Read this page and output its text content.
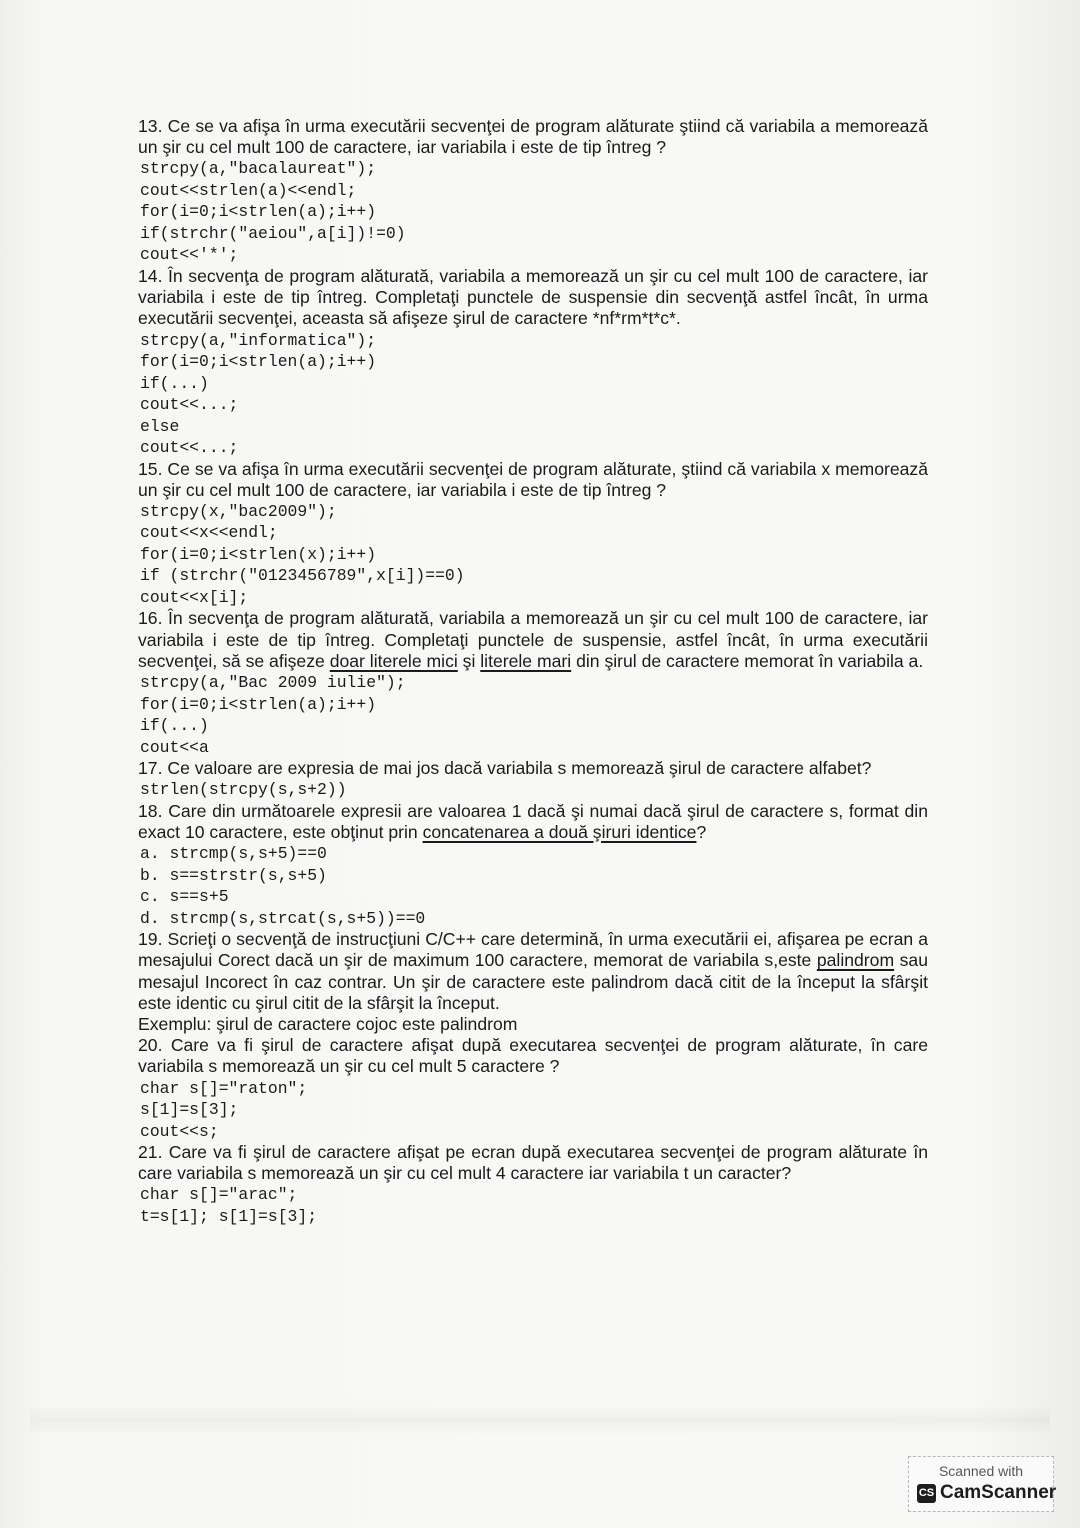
13. Ce se va afişa în urma executării secvenţei de program alăturate ştiind că variabila a memorează un şir cu cel mult 100 de caractere, iar variabila i este de tip întreg ?

strcpy(a,"bacalaureat");
cout<<strlen(a)<<endl;
for(i=0;i<strlen(a);i++)
if(strchr("aeiou",a[i])!=0)
cout<<'*';

14. În secvenţa de program alăturată, variabila a memorează un şir cu cel mult 100 de caractere, iar variabila i este de tip întreg. Completaţi punctele de suspensie din secvenţă astfel încât, în urma executării secvenţei, aceasta să afişeze şirul de caractere *nf*rm*t*c*.

strcpy(a,"informatica");
for(i=0;i<strlen(a);i++)
if(...)
cout<<...;
else
cout<<...;

15. Ce se va afişa în urma executării secvenţei de program alăturate, ştiind că variabila x memorează un şir cu cel mult 100 de caractere, iar variabila i este de tip întreg ?

strcpy(x,"bac2009");
cout<<x<<endl;
for(i=0;i<strlen(x);i++)
if (strchr("0123456789",x[i])==0)
cout<<x[i];

16. În secvenţa de program alăturată, variabila a memorează un şir cu cel mult 100 de caractere, iar variabila i este de tip întreg. Completaţi punctele de suspensie, astfel încât, în urma executării secvenţei, să se afişeze doar literele mici şi literele mari din şirul de caractere memorat în variabila a.

strcpy(a,"Bac 2009 iulie");
for(i=0;i<strlen(a);i++)
if(...)
cout<<a

17. Ce valoare are expresia de mai jos dacă variabila s memorează şirul de caractere alfabet?

strlen(strcpy(s,s+2))

18. Care din următoarele expresii are valoarea 1 dacă şi numai dacă şirul de caractere s, format din exact 10 caractere, este obţinut prin concatenarea a două şiruri identice?

a. strcmp(s,s+5)==0
b. s==strstr(s,s+5)
c. s==s+5
d. strcmp(s,strcat(s,s+5))==0

19. Scrieţi o secvenţă de instrucţiuni C/C++ care determină, în urma executării ei, afişarea pe ecran a mesajului Corect dacă un şir de maximum 100 caractere, memorat de variabila s,este palindrom sau mesajul Incorect în caz contrar. Un şir de caractere este palindrom dacă citit de la început la sfârşit este identic cu şirul citit de la sfârşit la început.

Exemplu: şirul de caractere cojoc este palindrom

20. Care va fi şirul de caractere afişat după executarea secvenţei de program alăturate, în care variabila s memorează un şir cu cel mult 5 caractere ?

char s[]="raton";
s[1]=s[3];
cout<<s;

21. Care va fi şirul de caractere afişat pe ecran după executarea secvenţei de program alăturate în care variabila s memorează un şir cu cel mult 4 caractere iar variabila t un caracter?

char s[]="arac";
t=s[1]; s[1]=s[3];
Scanned with
CS CamScanner
